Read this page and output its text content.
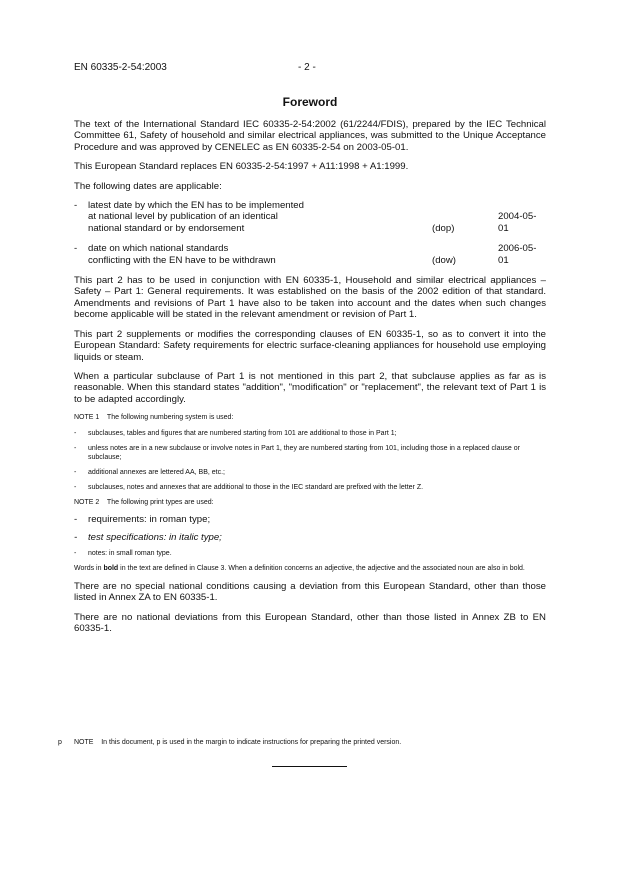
EN 60335-2-54:2003	- 2 -
Foreword

The text of the International Standard IEC 60335-2-54:2002 (61/2244/FDIS), prepared by the IEC Technical Committee 61, Safety of household and similar electrical appliances, was submitted to the Unique Acceptance Procedure and was approved by CENELEC as EN 60335-2-54 on 2003-05-01.

This European Standard replaces EN 60335-2-54:1997 + A11:1998 + A1:1999.

The following dates are applicable:

- latest date by which the EN has to be implemented
at national level by publication of an identical
national standard or by endorsement	(dop)
2004-05-01
- date on which national standards
conflicting with the EN have to be withdrawn	(dow)
2006-05-01

This part 2 has to be used in conjunction with EN 60335-1, Household and similar electrical appliances – Safety – Part 1: General requirements. It was established on the basis of the 2002 edition of that standard. Amendments and revisions of Part 1 have also to be taken into account and the dates when such changes become applicable will be stated in the relevant amendment or revision of Part 1.

This part 2 supplements or modifies the corresponding clauses of EN 60335-1, so as to convert it into the European Standard: Safety requirements for electric surface-cleaning appliances for household use employing liquids or steam.

When a particular subclause of Part 1 is not mentioned in this part 2, that subclause applies as far as is reasonable. When this standard states "addition", "modification" or "replacement", the relevant text of Part 1 is to be adapted accordingly.

NOTE 1    The following numbering system is used:

- subclauses, tables and figures that are numbered starting from 101 are additional to those in Part 1;
- unless notes are in a new subclause or involve notes in Part 1, they are numbered starting from 101, including those in a replaced clause or subclause;
- additional annexes are lettered AA, BB, etc.;
- subclauses, notes and annexes that are additional to those in the IEC standard are prefixed with the letter Z.

NOTE 2    The following print types are used:

- requirements: in roman type;
- test specifications: in italic type;
- notes: in small roman type.

Words in bold in the text are defined in Clause 3. When a definition concerns an adjective, the adjective and the associated noun are also in bold.

There are no special national conditions causing a deviation from this European Standard, other than those listed in Annex ZA to EN 60335-1.

There are no national deviations from this European Standard, other than those listed in Annex ZB to EN 60335-1.

p NOTE    In this document, p is used in the margin to indicate instructions for preparing the printed version.
